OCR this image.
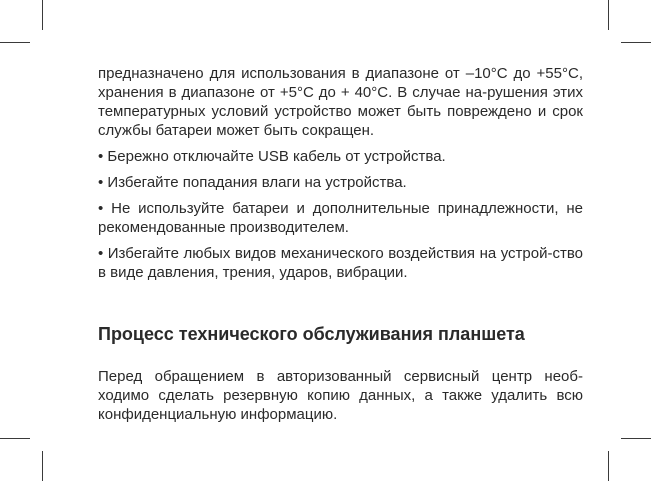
предназначено для использования в диапазоне от –10°C до +55°C, хранения в диапазоне от +5°C до + 40°C. В случае на-рушения этих температурных условий устройство может быть повреждено и срок службы батареи может быть сокращен.

• Бережно отключайте USB кабель от устройства.

• Избегайте попадания влаги на устройства.

• Не используйте батареи и дополнительные принадлежности, не рекомендованные производителем.

• Избегайте любых видов механического воздействия на устрой-ство в виде давления, трения, ударов, вибрации.

Процесс технического обслуживания планшета

Перед обращением в авторизованный сервисный центр необ-ходимо сделать резервную копию данных, а также удалить всю конфиденциальную информацию.
